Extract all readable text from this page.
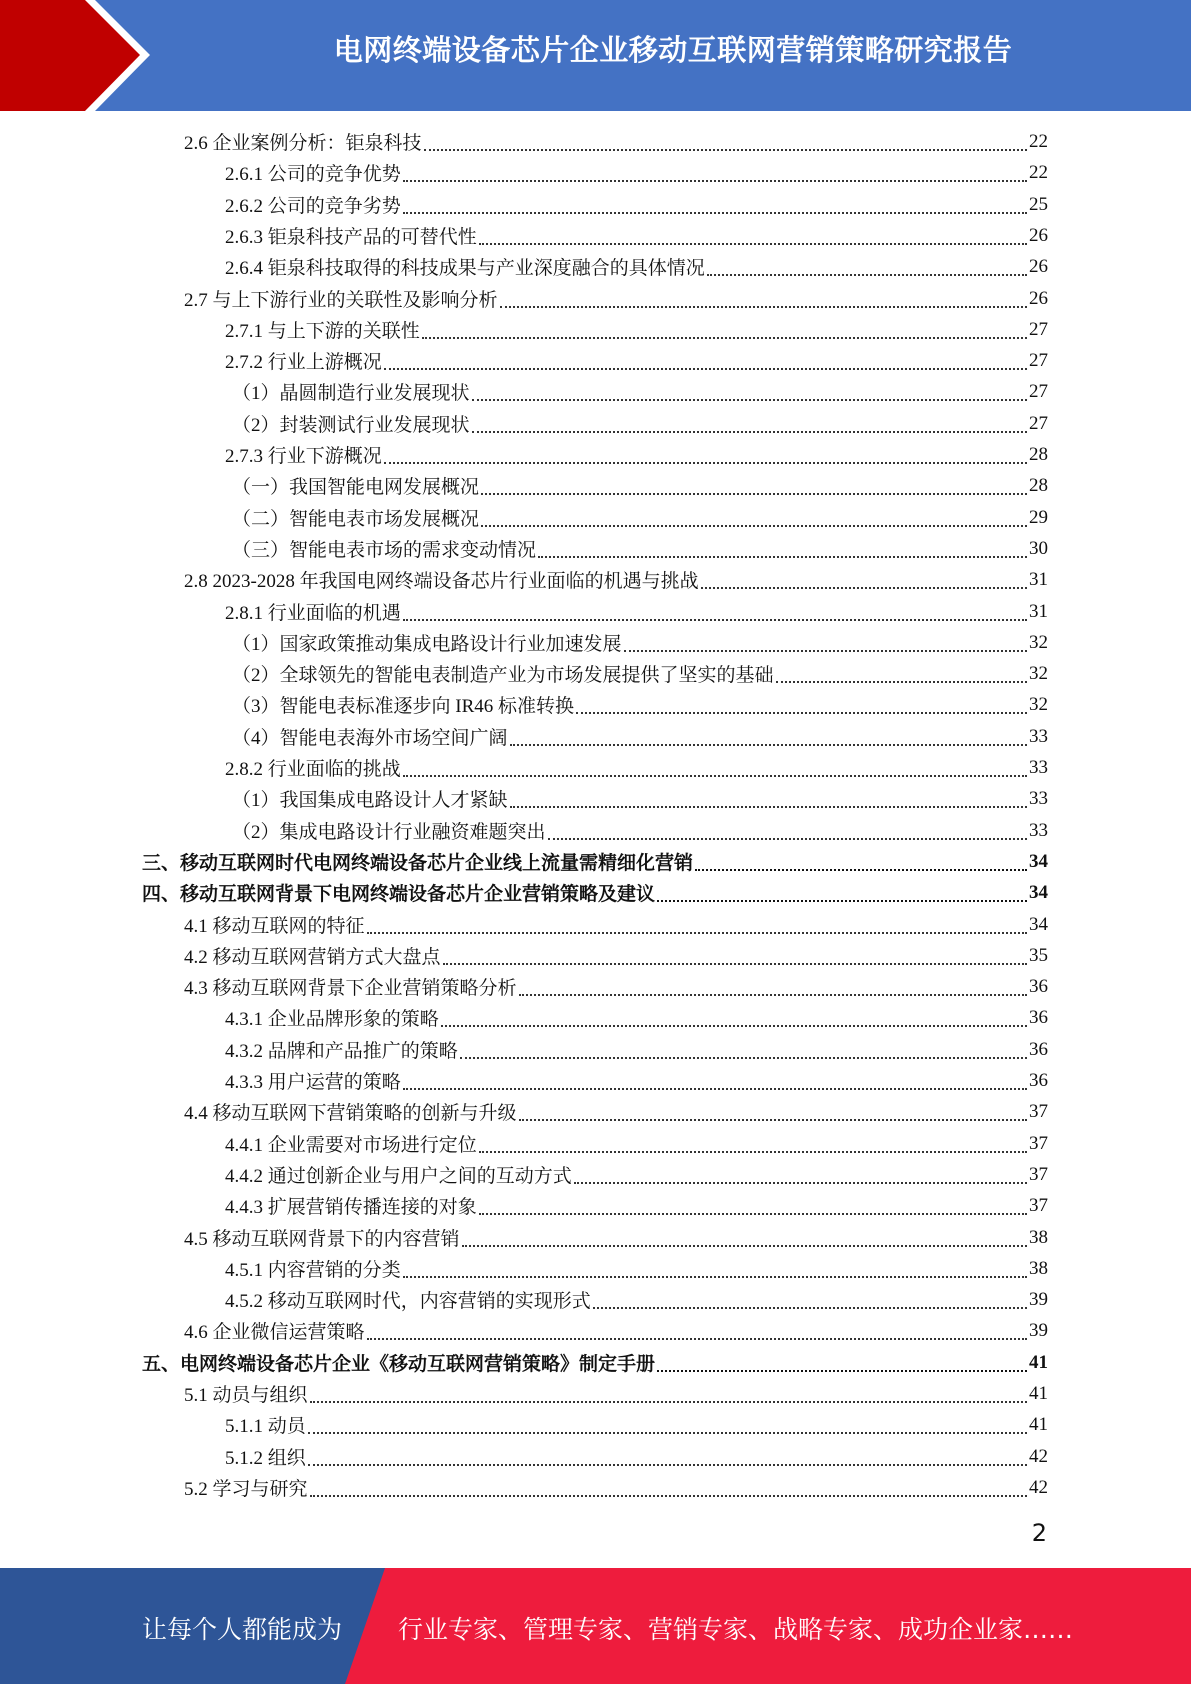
电网终端设备芯片企业移动互联网营销策略研究报告
2.6 企业案例分析：钜泉科技	22
2.6.1 公司的竞争优势	22
2.6.2 公司的竞争劣势	25
2.6.3 钜泉科技产品的可替代性	26
2.6.4 钜泉科技取得的科技成果与产业深度融合的具体情况	26
2.7 与上下游行业的关联性及影响分析	26
2.7.1 与上下游的关联性	27
2.7.2 行业上游概况	27
（1）晶圆制造行业发展现状	27
（2）封装测试行业发展现状	27
2.7.3 行业下游概况	28
（一）我国智能电网发展概况	28
（二）智能电表市场发展概况	29
（三）智能电表市场的需求变动情况	30
2.8 2023-2028 年我国电网终端设备芯片行业面临的机遇与挑战	31
2.8.1 行业面临的机遇	31
（1）国家政策推动集成电路设计行业加速发展	32
（2）全球领先的智能电表制造产业为市场发展提供了坚实的基础	32
（3）智能电表标准逐步向 IR46 标准转换	32
（4）智能电表海外市场空间广阔	33
2.8.2 行业面临的挑战	33
（1）我国集成电路设计人才紧缺	33
（2）集成电路设计行业融资难题突出	33
三、移动互联网时代电网终端设备芯片企业线上流量需精细化营销	34
四、移动互联网背景下电网终端设备芯片企业营销策略及建议	34
4.1 移动互联网的特征	34
4.2 移动互联网营销方式大盘点	35
4.3 移动互联网背景下企业营销策略分析	36
4.3.1 企业品牌形象的策略	36
4.3.2 品牌和产品推广的策略	36
4.3.3 用户运营的策略	36
4.4 移动互联网下营销策略的创新与升级	37
4.4.1 企业需要对市场进行定位	37
4.4.2 通过创新企业与用户之间的互动方式	37
4.4.3 扩展营销传播连接的对象	37
4.5 移动互联网背景下的内容营销	38
4.5.1 内容营销的分类	38
4.5.2 移动互联网时代，内容营销的实现形式	39
4.6 企业微信运营策略	39
五、电网终端设备芯片企业《移动互联网营销策略》制定手册	41
5.1 动员与组织	41
5.1.1 动员	41
5.1.2 组织	42
5.2 学习与研究	42
2
让每个人都能成为 行业专家、管理专家、营销专家、战略专家、成功企业家……
